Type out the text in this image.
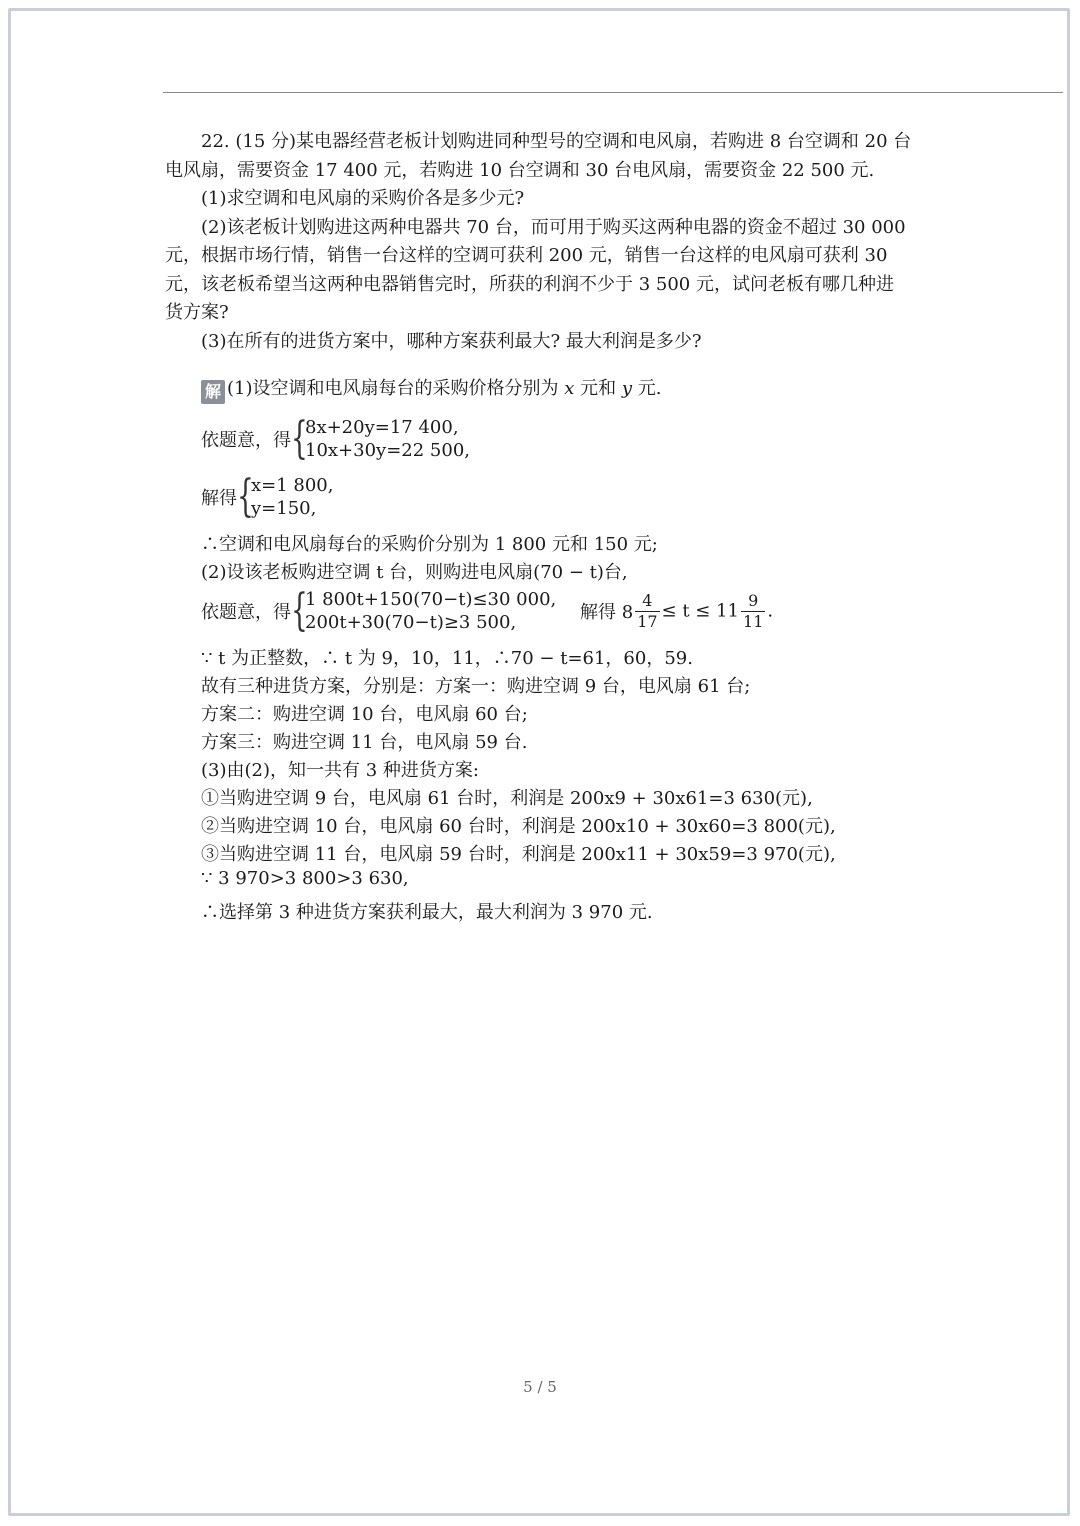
22. (15 分)某电器经营老板计划购进同种型号的空调和电风扇，若购进 8 台空调和 20 台

电风扇，需要资金 17 400 元，若购进 10 台空调和 30 台电风扇，需要资金 22 500 元.

(1)求空调和电风扇的采购价各是多少元?

(2)该老板计划购进这两种电器共 70 台，而可用于购买这两种电器的资金不超过 30 000

元，根据市场行情，销售一台这样的空调可获利 200 元，销售一台这样的电风扇可获利 30

元，该老板希望当这两种电器销售完时，所获的利润不少于 3 500 元，试问老板有哪几种进

货方案?

(3)在所有的进货方案中，哪种方案获利最大? 最大利润是多少?

解 (1)设空调和电风扇每台的采购价格分别为 x 元和 y 元.
依题意，得 {
8x+20y=17 400,
10x+30y=22 500,
解得 {
x=1 800,
y=150,
∴空调和电风扇每台的采购价分别为 1 800 元和 150 元;
(2)设该老板购进空调 t 台，则购进电风扇(70 − t)台,
依题意，得 {
1 800t+150(70−t)≤30 000,
200t+30(70−t)≥3 500,	解得 $8 \frac{4}{17} \le t \le 11 \frac{9}{11}$ .
∵ t 为正整数，∴ t 为 9，10，11，∴70 − t=61，60，59.
故有三种进货方案，分别是：方案一：购进空调 9 台，电风扇 61 台;
方案二：购进空调 10 台，电风扇 60 台;
方案三：购进空调 11 台，电风扇 59 台.
(3)由(2)，知一共有 3 种进货方案:
①当购进空调 9 台，电风扇 61 台时，利润是 200x9 + 30x61=3 630(元),
②当购进空调 10 台，电风扇 60 台时，利润是 200x10 + 30x60=3 800(元),
③当购进空调 11 台，电风扇 59 台时，利润是 200x11 + 30x59=3 970(元),
∵ 3 970>3 800>3 630,
∴选择第 3 种进货方案获利最大，最大利润为 3 970 元.
5 / 5
